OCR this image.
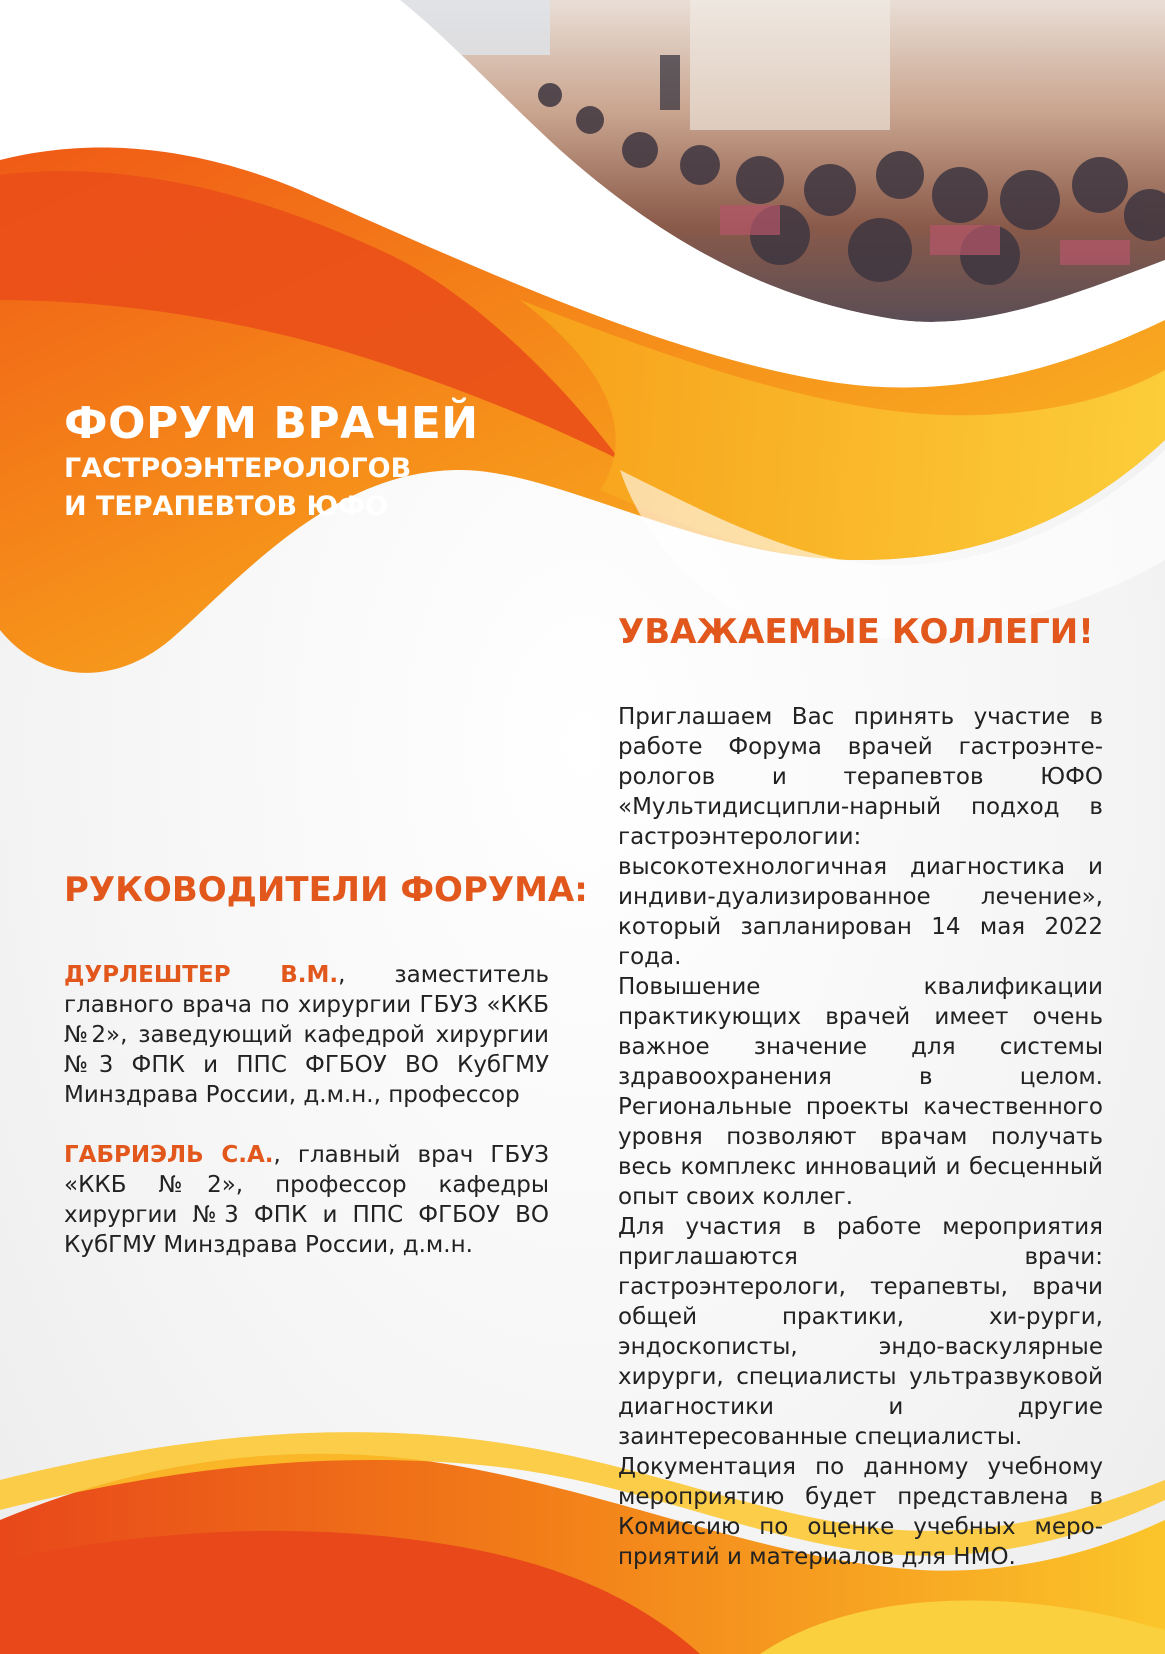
ФОРУМ ВРАЧЕЙ

ГАСТРОЭНТЕРОЛОГОВ

И ТЕРАПЕВТОВ ЮФО

УВАЖАЕМЫЕ КОЛЛЕГИ!

Приглашаем Вас принять участие в работе Форума врачей гастроэнте-рологов и терапевтов ЮФО «Мультидисципли-нарный подход в гастроэнтерологии: высокотехнологичная диагностика и индиви-дуализированное лечение», который запланирован 14 мая 2022 года.

Повышение квалификации практикующих врачей имеет очень важное значение для системы здравоохранения в целом. Региональные проекты качественного уровня позволяют врачам получать весь комплекс инноваций и бесценный опыт своих коллег.

Для участия в работе мероприятия приглашаются врачи: гастроэнтерологи, терапевты, врачи общей практики, хи-рурги, эндоскописты, эндо-васкулярные хирурги, специалисты ультразвуковой диагностики и другие заинтересованные специалисты.

Документация по данному учебному мероприятию будет представлена в Комиссию по оценке учебных меро-приятий и материалов для НМО.

РУКОВОДИТЕЛИ ФОРУМА:

ДУРЛЕШТЕР В.М., заместитель главного врача по хирургии ГБУЗ «ККБ №2», заведующий кафедрой хирургии №3 ФПК и ППС ФГБОУ ВО КубГМУ Минздрава России, д.м.н., профессор

ГАБРИЭЛЬ С.А., главный врач ГБУЗ «ККБ №2», профессор кафедры хирургии №3 ФПК и ППС ФГБОУ ВО КубГМУ Минздрава России, д.м.н.
